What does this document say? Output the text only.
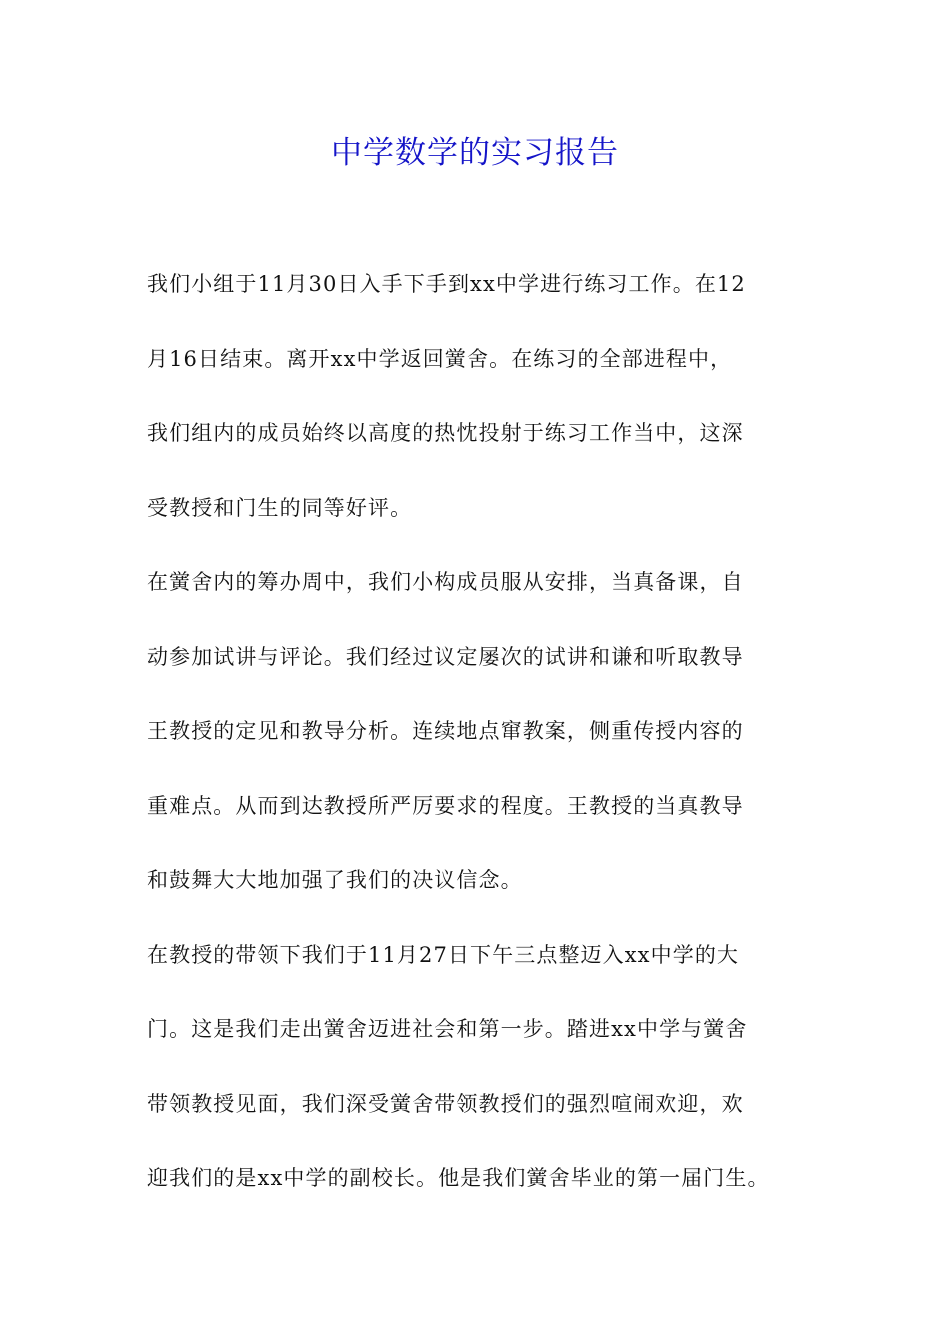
中学数学的实习报告
我们小组于11月30日入手下手到xx中学进行练习工作。在12
月16日结束。离开xx中学返回黉舍。在练习的全部进程中，
我们组内的成员始终以高度的热忱投射于练习工作当中，这深
受教授和门生的同等好评。
在黉舍内的筹办周中，我们小构成员服从安排，当真备课，自
动参加试讲与评论。我们经过议定屡次的试讲和谦和听取教导
王教授的定见和教导分析。连续地点窜教案，侧重传授内容的
重难点。从而到达教授所严厉要求的程度。王教授的当真教导
和鼓舞大大地加强了我们的决议信念。
在教授的带领下我们于11月27日下午三点整迈入xx中学的大
门。这是我们走出黉舍迈进社会和第一步。踏进xx中学与黉舍
带领教授见面，我们深受黉舍带领教授们的强烈喧闹欢迎，欢
迎我们的是xx中学的副校长。他是我们黉舍毕业的第一届门生。
